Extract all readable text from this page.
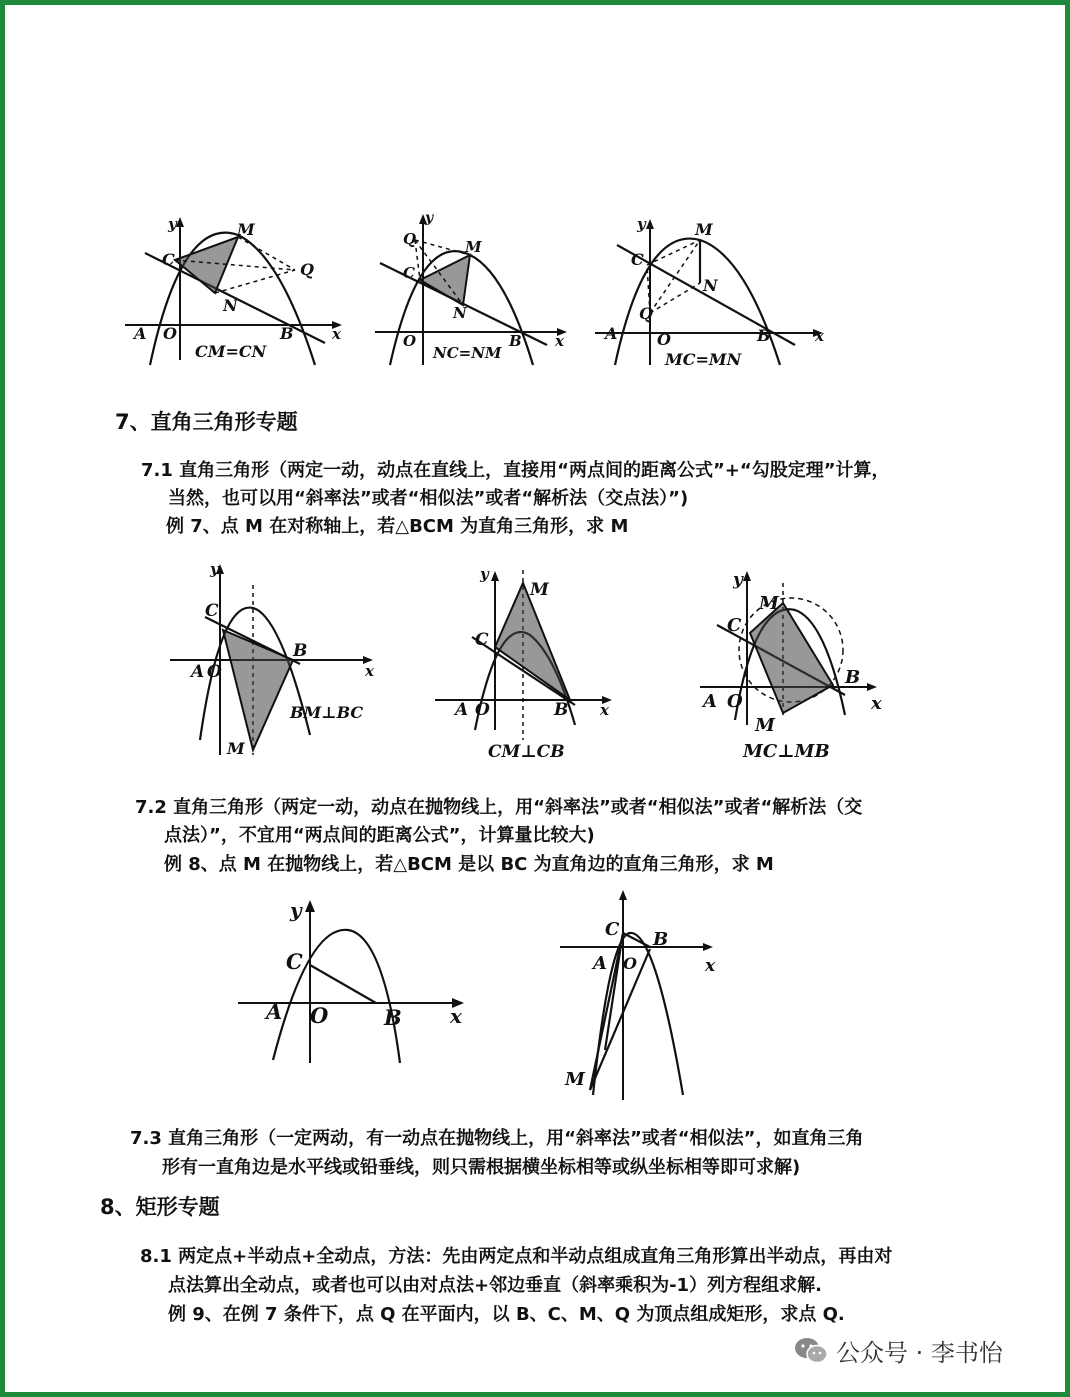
y
x
C
M
N
Q
A O	B
CM=CN
y
x
C
M
N
Q
O	B
NC=NM
y
x
C
M
N
Q
A O	B
MC=MN
7、直角三角形专题
7.1 直角三角形（两定一动，动点在直线上，直接用“两点间的距离公式”+“勾股定理”计算，
当然，也可以用“斜率法”或者“相似法”或者“解析法（交点法）”)
例 7、点 M 在对称轴上，若△BCM 为直角三角形，求 M
y
x
C
A O
B
M
BM⊥BC
y
x
C
A O	B
M
CM⊥CB
y
x
C
A O
B
M
M
MC⊥MB
7.2 直角三角形（两定一动，动点在抛物线上，用“斜率法”或者“相似法”或者“解析法（交
点法）”，不宜用“两点间的距离公式”，计算量比较大)
例 8、点 M 在抛物线上，若△BCM 是以 BC 为直角边的直角三角形，求 M
y
x
C
A O	B
x
C
A O
B
M
7.3 直角三角形（一定两动，有一动点在抛物线上，用“斜率法”或者“相似法”，如直角三角
形有一直角边是水平线或铅垂线，则只需根据横坐标相等或纵坐标相等即可求解)
8、矩形专题
8.1 两定点+半动点+全动点，方法：先由两定点和半动点组成直角三角形算出半动点，再由对
点法算出全动点，或者也可以由对点法+邻边垂直（斜率乘积为-1）列方程组求解.
例 9、在例 7 条件下，点 Q 在平面内，以 B、C、M、Q 为顶点组成矩形，求点 Q.
公众号 · 李书怡
